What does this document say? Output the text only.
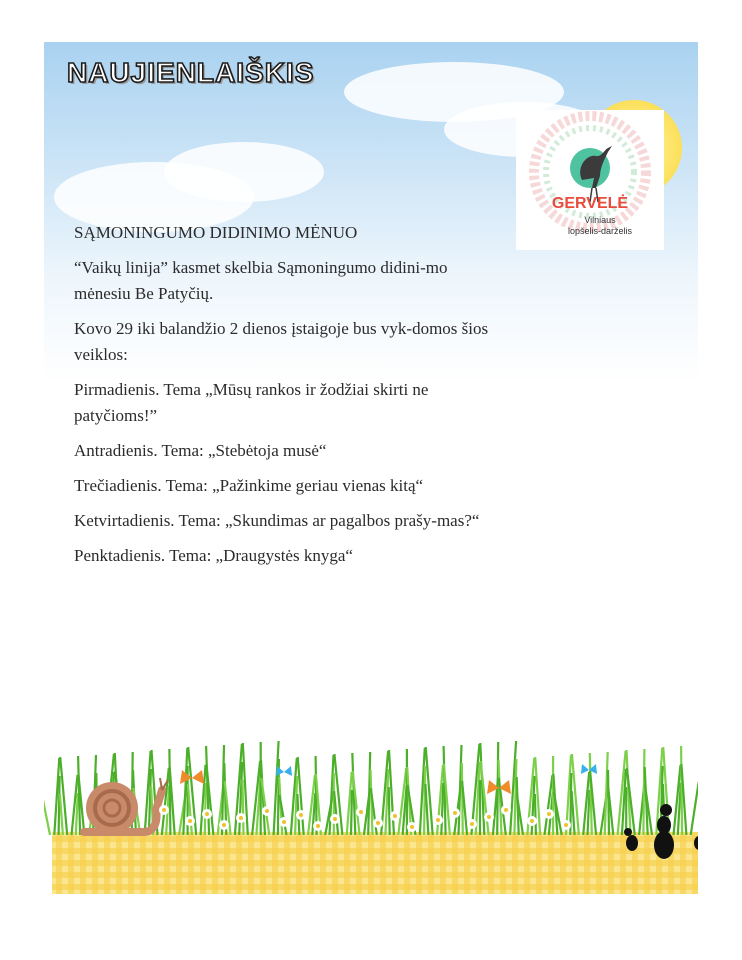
NAUJIENLAIŠKIS
GERVELĖ
Vilniaus
lopšelis-darželis
SĄMONINGUMO DIDINIMO MĖNUO

“Vaikų linija” kasmet skelbia Sąmoningumo didini-mo mėnesiu Be Patyčių.

Kovo 29 iki balandžio 2 dienos įstaigoje bus vyk-domos šios veiklos:

Pirmadienis. Tema „Mūsų rankos ir žodžiai skirti ne patyčioms!”

Antradienis. Tema: „Stebėtoja musė“

Trečiadienis. Tema: „Pažinkime geriau vienas kitą“

Ketvirtadienis. Tema: „Skundimas ar pagalbos prašy-mas?“

Penktadienis. Tema: „Draugystės knyga“
